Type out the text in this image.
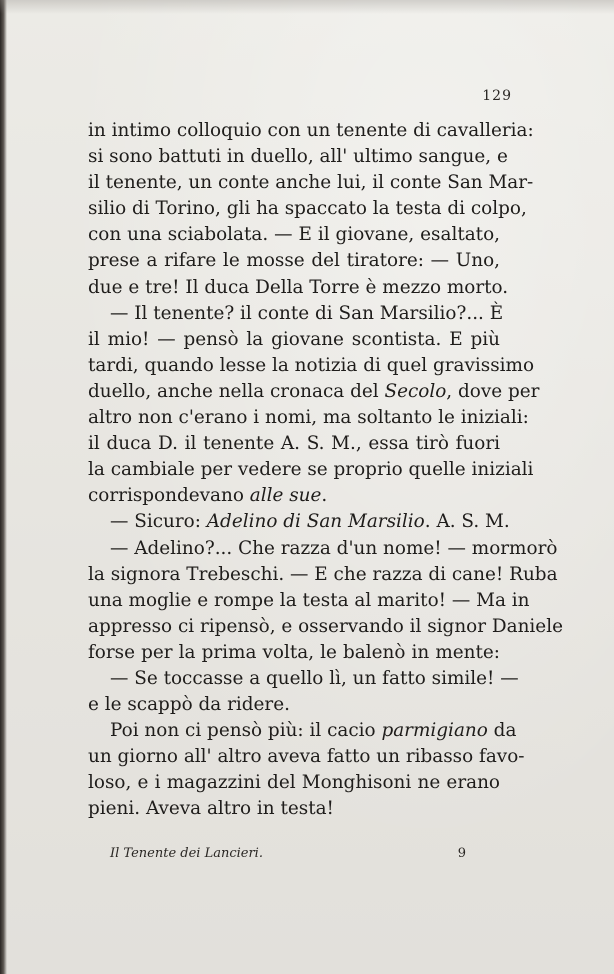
129
in intimo colloquio con un tenente di cavalleria:
si sono battuti in duello, all' ultimo sangue, e
il tenente, un conte anche lui, il conte San Mar-
silio di Torino, gli ha spaccato la testa di colpo,
con una sciabolata. — E il giovane, esaltato,
prese a rifare le mosse del tiratore: — Uno,
due e tre! Il duca Della Torre è mezzo morto.
— Il tenente? il conte di San Marsilio?... È
il mio! — pensò la giovane scontista. E più
tardi, quando lesse la notizia di quel gravissimo
duello, anche nella cronaca del Secolo, dove per
altro non c'erano i nomi, ma soltanto le iniziali:
il duca D. il tenente A. S. M., essa tirò fuori
la cambiale per vedere se proprio quelle iniziali
corrispondevano alle sue.
— Sicuro: Adelino di San Marsilio. A. S. M.
— Adelino?... Che razza d'un nome! — mormorò
la signora Trebeschi. — E che razza di cane! Ruba
una moglie e rompe la testa al marito! — Ma in
appresso ci ripensò, e osservando il signor Daniele
forse per la prima volta, le balenò in mente:
— Se toccasse a quello lì, un fatto simile! —
e le scappò da ridere.
Poi non ci pensò più: il cacio parmigiano da
un giorno all' altro aveva fatto un ribasso favo-
loso, e i magazzini del Monghisoni ne erano
pieni. Aveva altro in testa!
Il Tenente dei Lancieri.	9
